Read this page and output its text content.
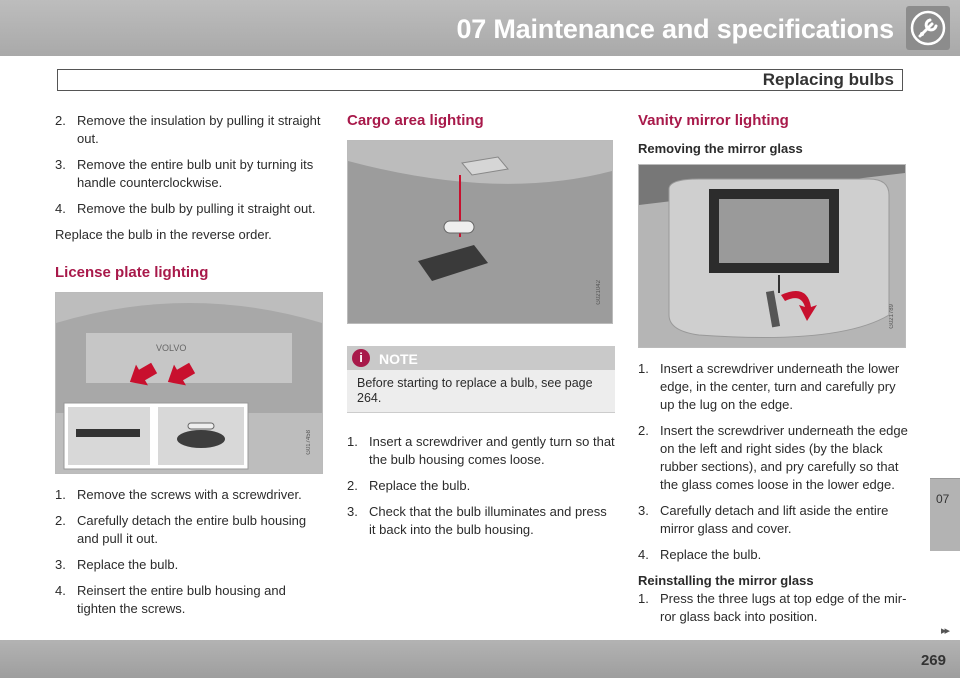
07 Maintenance and specifications
Replacing bulbs
2. Remove the insulation by pulling it straight out.
3. Remove the entire bulb unit by turning its handle counterclockwise.
4. Remove the bulb by pulling it straight out.

Replace the bulb in the reverse order.

License plate lighting
VOLVO
G017458
1. Remove the screws with a screwdriver.
2. Carefully detach the entire bulb housing and pull it out.
3. Replace the bulb.
4. Reinsert the entire bulb housing and tighten the screws.
Cargo area lighting
G021042
i	NOTE
Before starting to replace a bulb, see page 264.
1. Insert a screwdriver and gently turn so that the bulb housing comes loose.
2. Replace the bulb.
3. Check that the bulb illuminates and press it back into the bulb housing.
Vanity mirror lighting
Removing the mirror glass
G021789
1. Insert a screwdriver underneath the lower edge, in the center, turn and carefully pry up the lug on the edge.
2. Insert the screwdriver underneath the edge on the left and right sides (by the black rubber sections), and pry carefully so that the glass comes loose in the lower edge.
3. Carefully detach and lift aside the entire mirror glass and cover.
4. Replace the bulb.
Reinstalling the mirror glass
1. Press the three lugs at top edge of the mir-ror glass back into position.
07
▸▸
269
